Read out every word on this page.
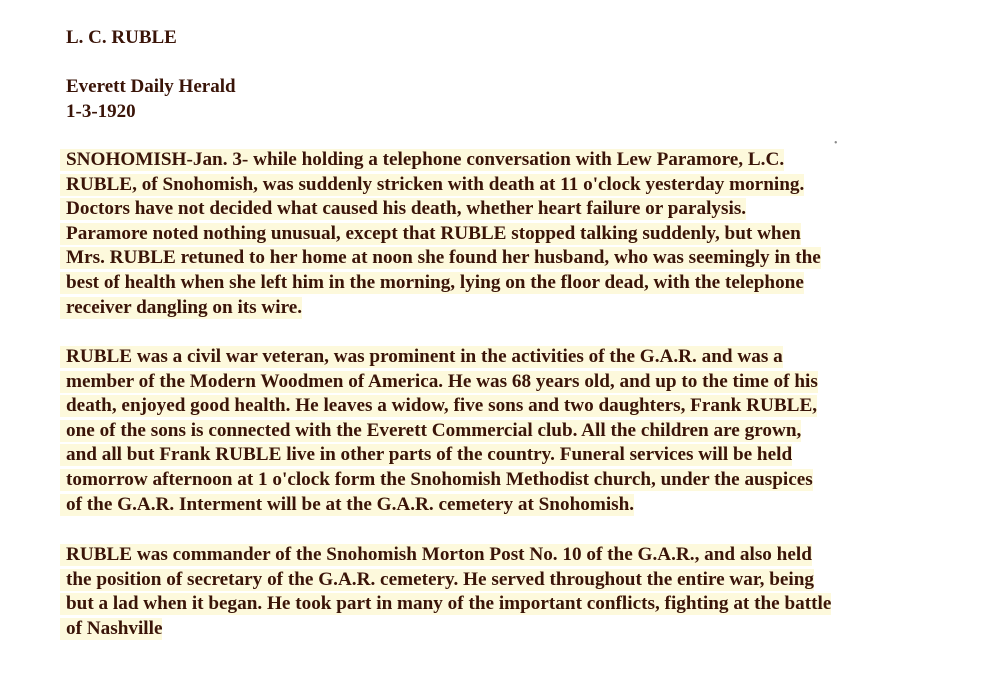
L. C. RUBLE
Everett Daily Herald
1-3-1920
•
SNOHOMISH-Jan. 3- while holding a telephone conversation with Lew Paramore, L.C.
RUBLE, of Snohomish, was suddenly stricken with death at 11 o'clock yesterday morning.
Doctors have not decided what caused his death, whether heart failure or paralysis.
Paramore noted nothing unusual, except that RUBLE stopped talking suddenly, but when
Mrs. RUBLE retuned to her home at noon she found her husband, who was seemingly in the
best of health when she left him in the morning, lying on the floor dead, with the telephone
receiver dangling on its wire.
RUBLE was a civil war veteran, was prominent in the activities of the G.A.R. and was a
member of the Modern Woodmen of America. He was 68 years old, and up to the time of his
death, enjoyed good health. He leaves a widow, five sons and two daughters, Frank RUBLE,
one of the sons is connected with the Everett Commercial club. All the children are grown,
and all but Frank RUBLE live in other parts of the country. Funeral services will be held
tomorrow afternoon at 1 o'clock form the Snohomish Methodist church, under the auspices
of the G.A.R. Interment will be at the G.A.R. cemetery at Snohomish.
RUBLE was commander of the Snohomish Morton Post No. 10 of the G.A.R., and also held
the position of secretary of the G.A.R. cemetery. He served throughout the entire war, being
but a lad when it began. He took part in many of the important conflicts, fighting at the battle
of Nashville
